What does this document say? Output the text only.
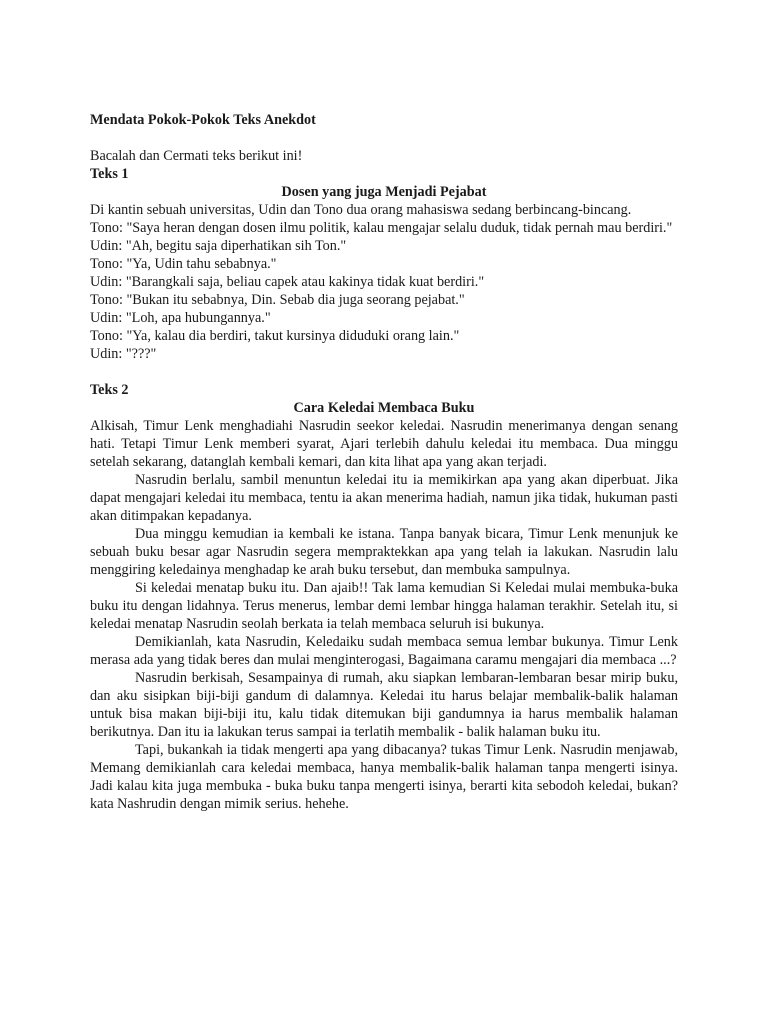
Mendata Pokok-Pokok Teks Anekdot

Bacalah dan Cermati teks berikut ini!

Teks 1

Dosen yang juga Menjadi Pejabat

Di kantin sebuah universitas, Udin dan Tono dua orang mahasiswa sedang berbincang-bincang.

Tono: "Saya heran dengan dosen ilmu politik, kalau mengajar selalu duduk, tidak pernah mau berdiri."

Udin: "Ah, begitu saja diperhatikan sih Ton."

Tono: "Ya, Udin tahu sebabnya."

Udin: "Barangkali saja, beliau capek atau kakinya tidak kuat berdiri."

Tono: "Bukan itu sebabnya, Din. Sebab dia juga seorang pejabat."

Udin: "Loh, apa hubungannya."

Tono: "Ya, kalau dia berdiri, takut kursinya diduduki orang lain."

Udin: "???"

Teks 2

Cara Keledai Membaca Buku

Alkisah, Timur Lenk menghadiahi Nasrudin seekor keledai. Nasrudin menerimanya dengan senang hati. Tetapi Timur Lenk memberi syarat, Ajari terlebih dahulu keledai itu membaca. Dua minggu setelah sekarang, datanglah kembali kemari, dan kita lihat apa yang akan terjadi.

Nasrudin berlalu, sambil menuntun keledai itu ia memikirkan apa yang akan diperbuat. Jika dapat mengajari keledai itu membaca, tentu ia akan menerima hadiah, namun jika tidak, hukuman pasti akan ditimpakan kepadanya.

Dua minggu kemudian ia kembali ke istana. Tanpa banyak bicara, Timur Lenk menunjuk ke sebuah buku besar agar Nasrudin segera mempraktekkan apa yang telah ia lakukan. Nasrudin lalu menggiring keledainya menghadap ke arah buku tersebut, dan membuka sampulnya.

Si keledai menatap buku itu. Dan ajaib!! Tak lama kemudian Si Keledai mulai membuka-buka buku itu dengan lidahnya. Terus menerus, lembar demi lembar hingga halaman terakhir. Setelah itu, si keledai menatap Nasrudin seolah berkata ia telah membaca seluruh isi bukunya.

Demikianlah, kata Nasrudin, Keledaiku sudah membaca semua lembar bukunya. Timur Lenk merasa ada yang tidak beres dan mulai menginterogasi, Bagaimana caramu mengajari dia membaca ...?

Nasrudin berkisah, Sesampainya di rumah, aku siapkan lembaran-lembaran besar mirip buku, dan aku sisipkan biji-biji gandum di dalamnya. Keledai itu harus belajar membalik-balik halaman untuk bisa makan biji-biji itu, kalu tidak ditemukan biji gandumnya ia harus membalik halaman berikutnya. Dan itu ia lakukan terus sampai ia terlatih membalik - balik halaman buku itu.

Tapi, bukankah ia tidak mengerti apa yang dibacanya? tukas Timur Lenk. Nasrudin menjawab, Memang demikianlah cara keledai membaca, hanya membalik-balik halaman tanpa mengerti isinya. Jadi kalau kita juga membuka - buka buku tanpa mengerti isinya, berarti kita sebodoh keledai, bukan? kata Nashrudin dengan mimik serius. hehehe.
